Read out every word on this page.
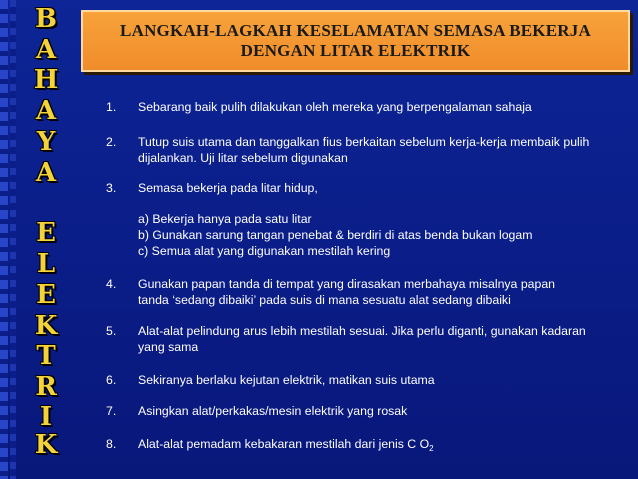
B
A
H
A
Y
A
E
L
E
K
T
R
I
K
LANGKAH-LAGKAH KESELAMATAN SEMASA BEKERJA
DENGAN LITAR ELEKTRIK
1.	Sebarang baik pulih dilakukan oleh mereka yang berpengalaman sahaja
2.	Tutup suis utama dan tanggalkan fius berkaitan sebelum kerja-kerja membaik pulih
dijalankan. Uji litar sebelum digunakan
3.	Semasa bekerja pada litar hidup,
a) Bekerja hanya pada satu litar
b) Gunakan sarung tangan penebat & berdiri di atas benda bukan logam
c) Semua alat yang digunakan mestilah kering
4.	Gunakan papan tanda di tempat yang dirasakan merbahaya misalnya papan
tanda ‘sedang dibaiki’ pada suis di mana sesuatu alat sedang dibaiki
5.	Alat-alat pelindung arus lebih mestilah sesuai. Jika perlu diganti, gunakan kadaran
yang sama
6.	Sekiranya berlaku kejutan elektrik, matikan suis utama
7.	Asingkan alat/perkakas/mesin elektrik yang rosak
8.	Alat-alat pemadam kebakaran mestilah dari jenis C $O_2$
